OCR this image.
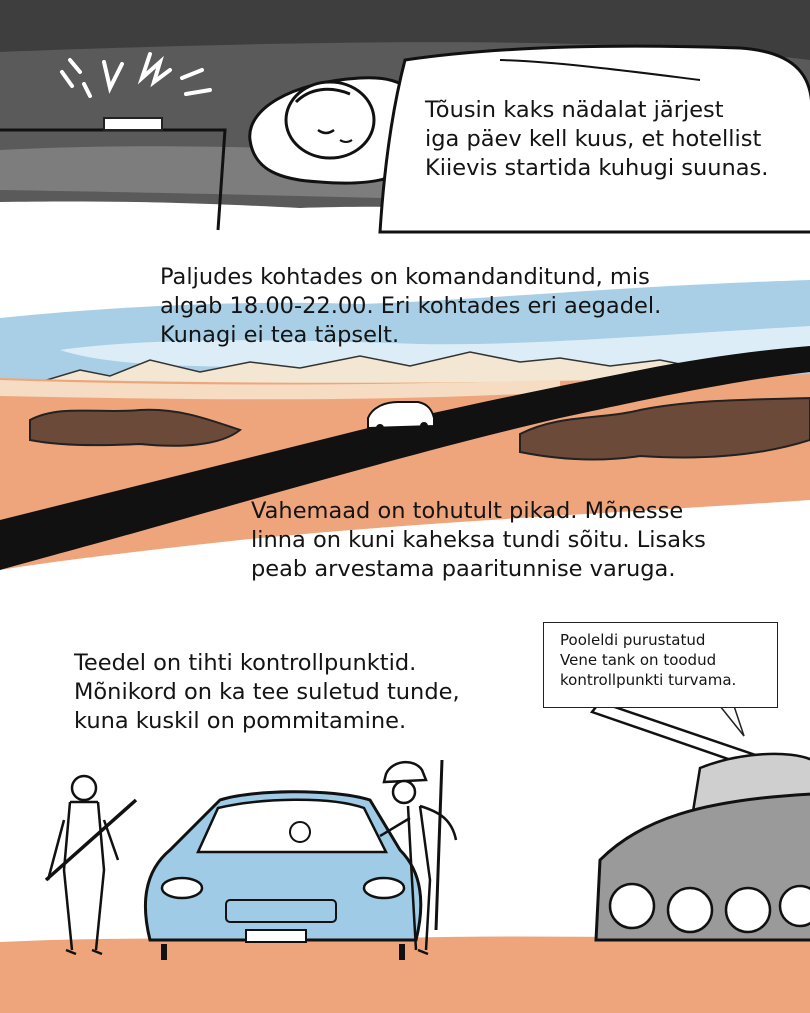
Tõusin kaks nädalat järjest
iga päev kell kuus, et hotellist
Kiievis startida kuhugi suunas.

Paljudes kohtades on komandanditund, mis
algab 18.00-22.00. Eri kohtades eri aegadel.
Kunagi ei tea täpselt.

Vahemaad on tohutult pikad. Mõnesse
linna on kuni kaheksa tundi sõitu. Lisaks
peab arvestama paaritunnise varuga.

Teedel on tihti kontrollpunktid.
Mõnikord on ka tee suletud tunde,
kuna kuskil on pommitamine.

Pooleldi purustatud
Vene tank on toodud
kontrollpunkti turvama.
